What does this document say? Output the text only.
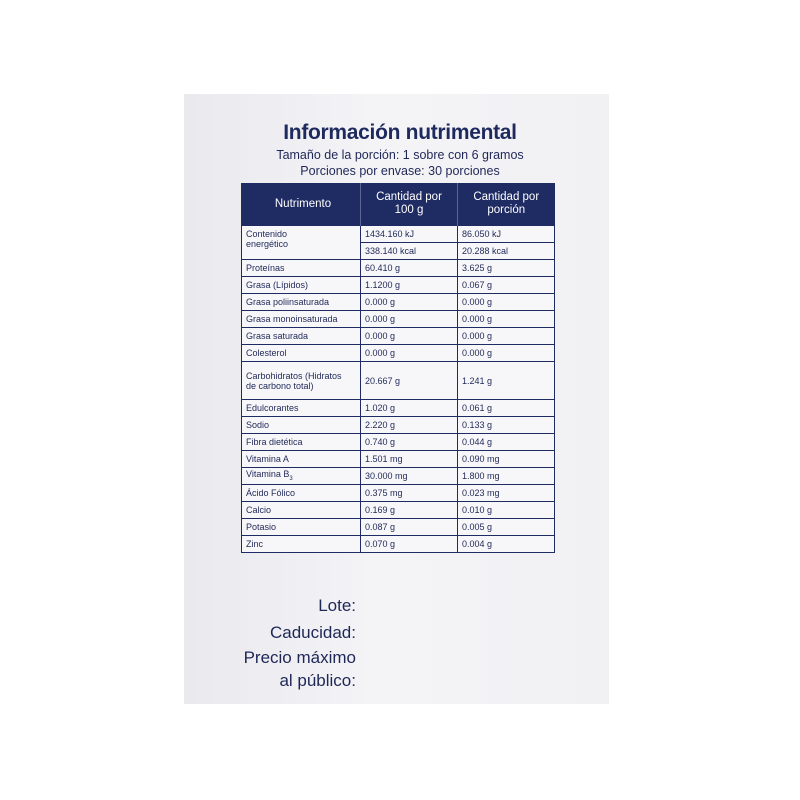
Información nutrimental
Tamaño de la porción: 1 sobre con 6 gramos
Porciones por envase: 30 porciones
Nutrimento	Cantidad por 100 g	Cantidad por porción
Contenido energético	1434.160 kJ	86.050 kJ
	338.140 kcal	20.288 kcal
Proteínas	60.410 g	3.625 g
Grasa (Lípidos)	1.1200 g	0.067 g
Grasa poliinsaturada	0.000 g	0.000 g
Grasa monoinsaturada	0.000 g	0.000 g
Grasa saturada	0.000 g	0.000 g
Colesterol	0.000 g	0.000 g
Carbohidratos (Hidratos de carbono total)	20.667 g	1.241 g
Edulcorantes	1.020 g	0.061 g
Sodio	2.220 g	0.133 g
Fibra dietética	0.740 g	0.044 g
Vitamina A	1.501 mg	0.090 mg
Vitamina $B_3$	30.000 mg	1.800 mg
Ácido Fólico	0.375 mg	0.023 mg
Calcio	0.169 g	0.010 g
Potasio	0.087 g	0.005 g
Zinc	0.070 g	0.004 g
Lote:
Caducidad:
Precio máximo
al público:
